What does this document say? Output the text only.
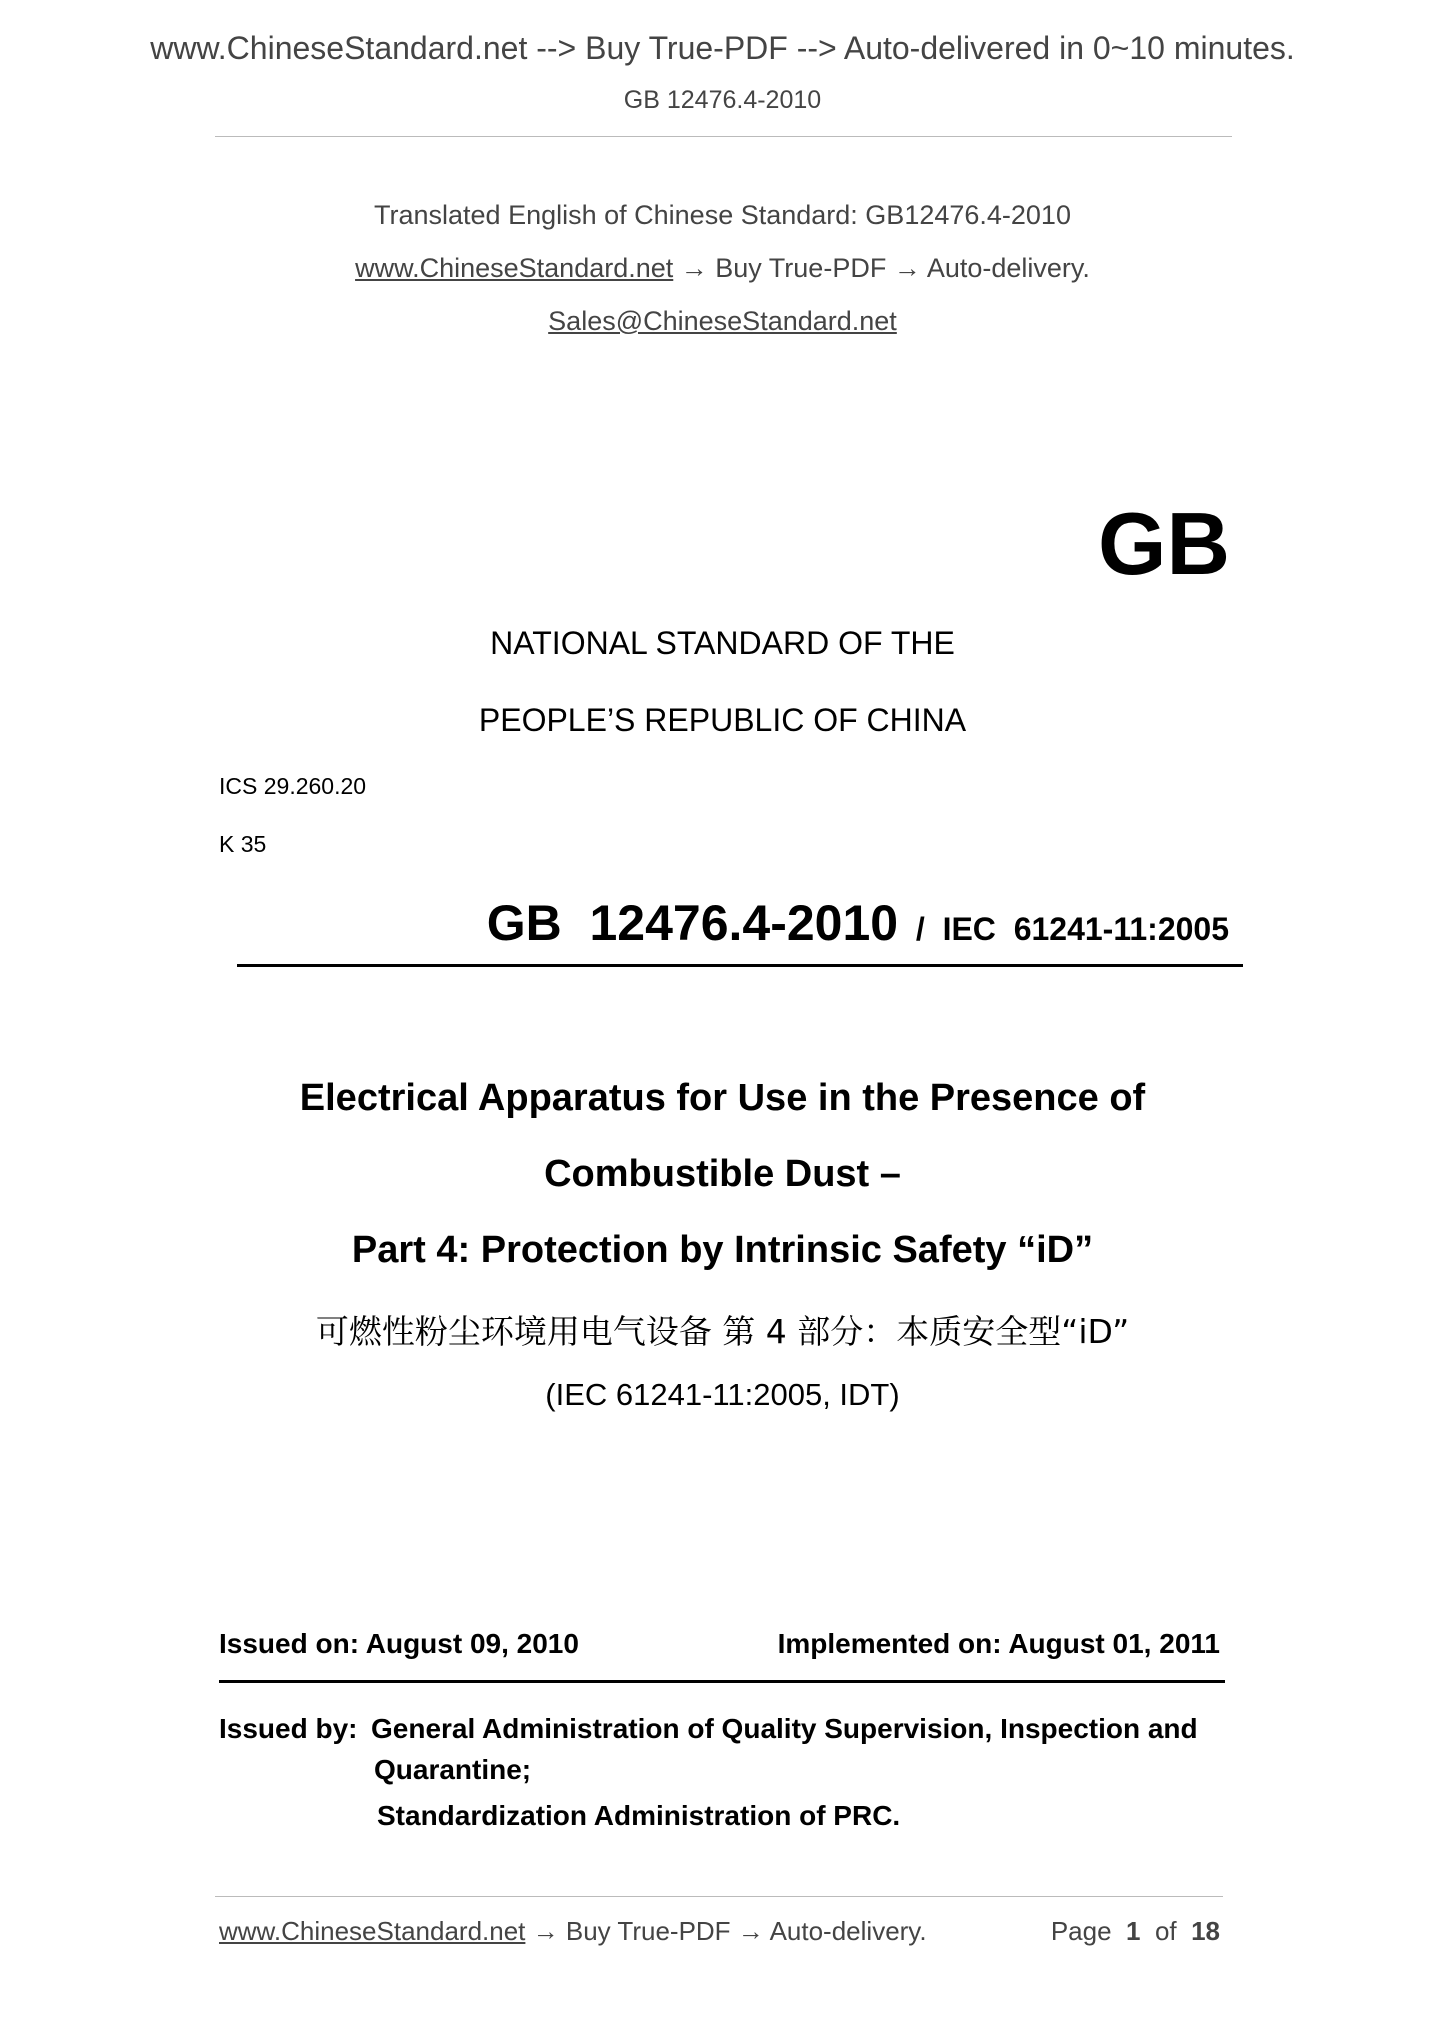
www.ChineseStandard.net --> Buy True-PDF --> Auto-delivered in 0~10 minutes.
GB 12476.4-2010
Translated English of Chinese Standard: GB12476.4-2010
www.ChineseStandard.net → Buy True-PDF → Auto-delivery.
Sales@ChineseStandard.net
GB
NATIONAL STANDARD OF THE
PEOPLE’S REPUBLIC OF CHINA
ICS 29.260.20
K 35

GB  12476.4-2010 /  IEC  61241-11:2005

Electrical Apparatus for Use in the Presence of
Combustible Dust –
Part 4: Protection by Intrinsic Safety “iD”
可燃性粉尘环境用电气设备 第 4 部分：本质安全型“iD”
(IEC 61241-11:2005, IDT)
Issued on: August 09, 2010	Implemented on: August 01, 2011
Issued by: General Administration of Quality Supervision, Inspection and
Quarantine;
Standardization Administration of PRC.
www.ChineseStandard.net → Buy True-PDF → Auto-delivery.	Page 1 of 18
